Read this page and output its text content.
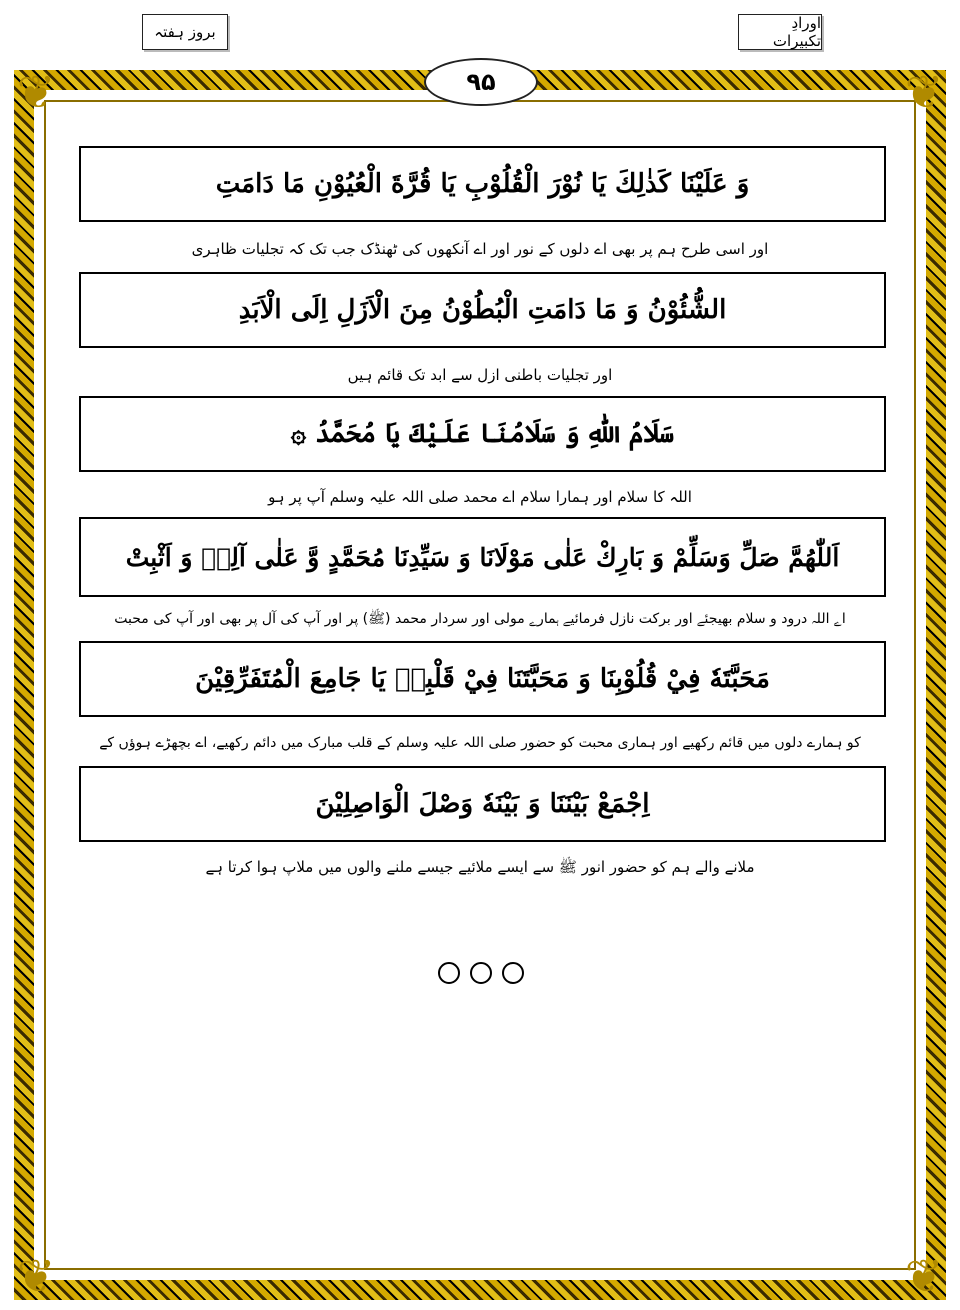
بروز ہفتہ	اورادِ تکبیرات
❦	❦
❦	❦
۹۵
وَ عَلَيْنَا كَذٰلِكَ يَا نُوْرَ الْقُلُوْبِ يَا قُرَّةَ الْعُيُوْنِ مَا دَامَتِ
اور اسی طرح ہم پر بھی اے دلوں کے نور اور اے آنکھوں کی ٹھنڈک جب تک کہ تجلیات ظاہری
الشُّئُوْنُ وَ مَا دَامَتِ الْبُطُوْنُ مِنَ الْاَزَلِ اِلَى الْاَبَدِ
اور تجلیات باطنی ازل سے ابد تک قائم ہیں
سَلَامُ اللّٰهِ وَ سَلَامُنَا عَلَيْكَ يَا مُحَمَّدُ ۞
اللہ کا سلام اور ہمارا سلام اے محمد صلی اللہ علیہ وسلم آپ پر ہو
اَللّٰهُمَّ صَلِّ وَسَلِّمْ وَ بَارِكْ عَلٰى مَوْلَانَا وَ سَيِّدِنَا مُحَمَّدٍ وَّ عَلٰى آلِهٖ وَ اَثْبِتْ
اے اللہ درود و سلام بھیجئے اور برکت نازل فرمائیے ہمارے مولی اور سردار محمد (ﷺ) پر اور آپ کی آل پر بھی اور آپ کی محبت
مَحَبَّتَهٗ فِيْ قُلُوْبِنَا وَ مَحَبَّتَنَا فِيْ قَلْبِهٖ يَا جَامِعَ الْمُتَفَرِّقِيْنَ
کو ہمارے دلوں میں قائم رکھیے اور ہماری محبت کو حضور صلی اللہ علیہ وسلم کے قلب مبارک میں دائم رکھیے، اے بچھڑے ہوؤں کے
اِجْمَعْ بَيْنَنَا وَ بَيْنَهٗ وَصْلَ الْوَاصِلِيْنَ
ملانے والے ہم کو حضور انور ﷺ سے ایسے ملائیے جیسے ملنے والوں میں ملاپ ہوا کرتا ہے
